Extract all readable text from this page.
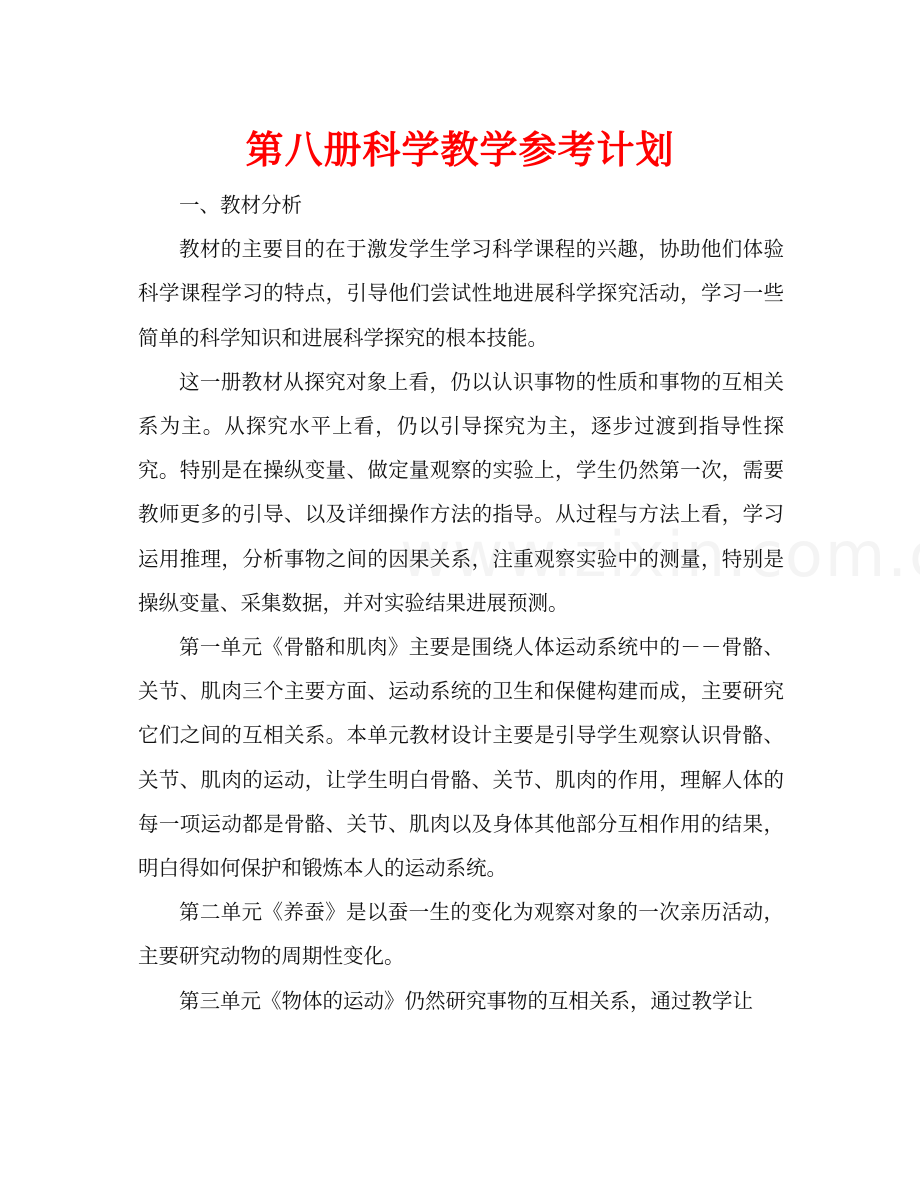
第八册科学教学参考计划

一、教材分析

教材的主要目的在于激发学生学习科学课程的兴趣，协助他们体验科学课程学习的特点，引导他们尝试性地进展科学探究活动，学习一些简单的科学知识和进展科学探究的根本技能。

这一册教材从探究对象上看，仍以认识事物的性质和事物的互相关系为主。从探究水平上看，仍以引导探究为主，逐步过渡到指导性探究。特别是在操纵变量、做定量观察的实验上，学生仍然第一次，需要教师更多的引导、以及详细操作方法的指导。从过程与方法上看，学习运用推理，分析事物之间的因果关系，注重观察实验中的测量，特别是操纵变量、采集数据，并对实验结果进展预测。

第一单元《骨骼和肌肉》主要是围绕人体运动系统中的－－骨骼、关节、肌肉三个主要方面、运动系统的卫生和保健构建而成，主要研究它们之间的互相关系。本单元教材设计主要是引导学生观察认识骨骼、关节、肌肉的运动，让学生明白骨骼、关节、肌肉的作用，理解人体的每一项运动都是骨骼、关节、肌肉以及身体其他部分互相作用的结果，明白得如何保护和锻炼本人的运动系统。

第二单元《养蚕》是以蚕一生的变化为观察对象的一次亲历活动，主要研究动物的周期性变化。

第三单元《物体的运动》仍然研究事物的互相关系，通过教学让
